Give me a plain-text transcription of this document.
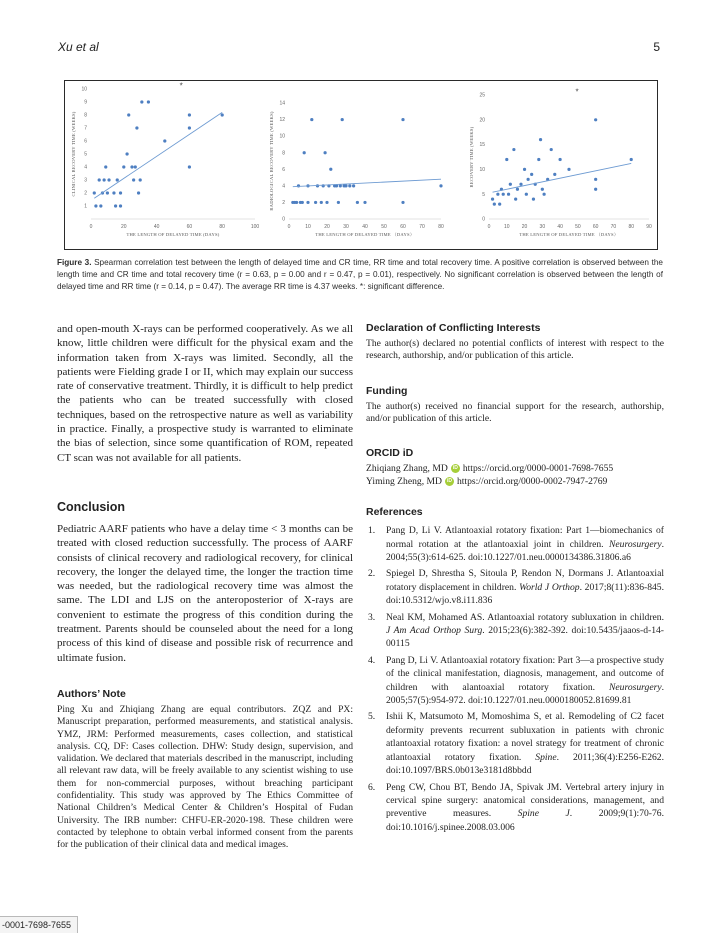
Xu et al	5
1
2
3
4
5
6
7
8
9
10
0	20	40	60	80	100
THE LENGTH OF DELAYED TIME (DAYS)
CLINICAL RECOVERY TIME (WEEKS)
*
0
2
4
6
8
10
12
14
0	10	20	30	40	50	60	70	80
THE LENGTH OF DELAYED TIME （DAYS）
RADIOLOGICAL RECOVERY TIME (WEEKS)
0
5
10
15
20
25
0	10 20 30 40 50 60 70 80 90
THE LENGTH OF DELAYED TIME （DAYS）
RECOVERY TIME (WEEKS)
*
Figure 3. Spearman correlation test between the length of delayed time and CR time, RR time and total recovery time. A positive correlation is observed between the length time and CR time and total recovery time (r = 0.63, p = 0.00 and r = 0.47, p = 0.01), respectively. No significant correlation is observed between the length of delayed time and RR time (r = 0.14, p = 0.47). The average RR time is 4.37 weeks. *: significant difference.

and open-mouth X-rays can be performed cooperatively. As we all know, little children were difficult for the physical exam and the information taken from X-rays was limited. Secondly, all the patients were Fielding grade I or II, which may explain our success rate of conservative treatment. Thirdly, it is difficult to help predict the patients who can be treated successfully with closed techniques, based on the retrospective nature as well as variability in practice. Finally, a prospective study is warranted to eliminate the bias of selection, since some quantification of ROM, repeated CT scan was not available for all patients.

Conclusion

Pediatric AARF patients who have a delay time < 3 months can be treated with closed reduction successfully. The process of AARF consists of clinical recovery and radiological recovery, for clinical recovery, the longer the delayed time, the longer the traction time was needed, but the radiological recovery time was almost the same. The LDI and LJS on the anteroposterior of X-rays are convenient to estimate the progress of this condition during the treatment. Parents should be counseled about the need for a long process of this kind of disease and possible risk of recurrence and ultimate fusion.

Authors’ Note

Ping Xu and Zhiqiang Zhang are equal contributors. ZQZ and PX: Manuscript preparation, performed measurements, and statistical analysis. YMZ, JRM: Performed measurements, cases collection, and statistical analysis. CQ, DF: Cases collection. DHW: Study design, supervision, and validation. We declared that materials described in the manuscript, including all relevant raw data, will be freely available to any scientist wishing to use them for non-commercial purposes, without breaching participant confidentiality. This study was approved by The Ethics Committee of National Children’s Medical Center & Children’s Hospital of Fudan University. The IRB number: CHFU-ER-2020-198. These children were contacted by telephone to obtain verbal informed consent from the parents for the publication of their clinical data and medical images.

Declaration of Conflicting Interests

The author(s) declared no potential conflicts of interest with respect to the research, authorship, and/or publication of this article.

Funding

The author(s) received no financial support for the research, authorship, and/or publication of this article.

ORCID iD

Zhiqiang Zhang, MD	iD https://orcid.org/0000-0001-7698-7655
Yiming Zheng, MD	iD https://orcid.org/0000-0002-7947-2769

References

1. Pang D, Li V. Atlantoaxial rotatory fixation: Part 1—biomechanics of normal rotation at the atlantoaxial joint in children. Neurosurgery. 2004;55(3):614-625. doi:10.1227/01.neu.0000134386.31806.a6
2. Spiegel D, Shrestha S, Sitoula P, Rendon N, Dormans J. Atlantoaxial rotatory displacement in children. World J Orthop. 2017;8(11):836-845. doi:10.5312/wjo.v8.i11.836
3. Neal KM, Mohamed AS. Atlantoaxial rotatory subluxation in children. J Am Acad Orthop Surg. 2015;23(6):382-392. doi:10.5435/jaaos-d-14-00115
4. Pang D, Li V. Atlantoaxial rotatory fixation: Part 3—a prospective study of the clinical manifestation, diagnosis, management, and outcome of children with alantoaxial rotatory fixation. Neurosurgery. 2005;57(5):954-972. doi:10.1227/01.neu.0000180052.81699.81
5. Ishii K, Matsumoto M, Momoshima S, et al. Remodeling of C2 facet deformity prevents recurrent subluxation in patients with chronic atlantoaxial rotatory fixation: a novel strategy for treatment of chronic atlantoaxial rotatory fixation. Spine. 2011;36(4):E256-E262. doi:10.1097/BRS.0b013e3181d8bbdd
6. Peng CW, Chou BT, Bendo JA, Spivak JM. Vertebral artery injury in cervical spine surgery: anatomical considerations, management, and preventive measures. Spine J. 2009;9(1):70-76. doi:10.1016/j.spinee.2008.03.006
-0001-7698-7655
